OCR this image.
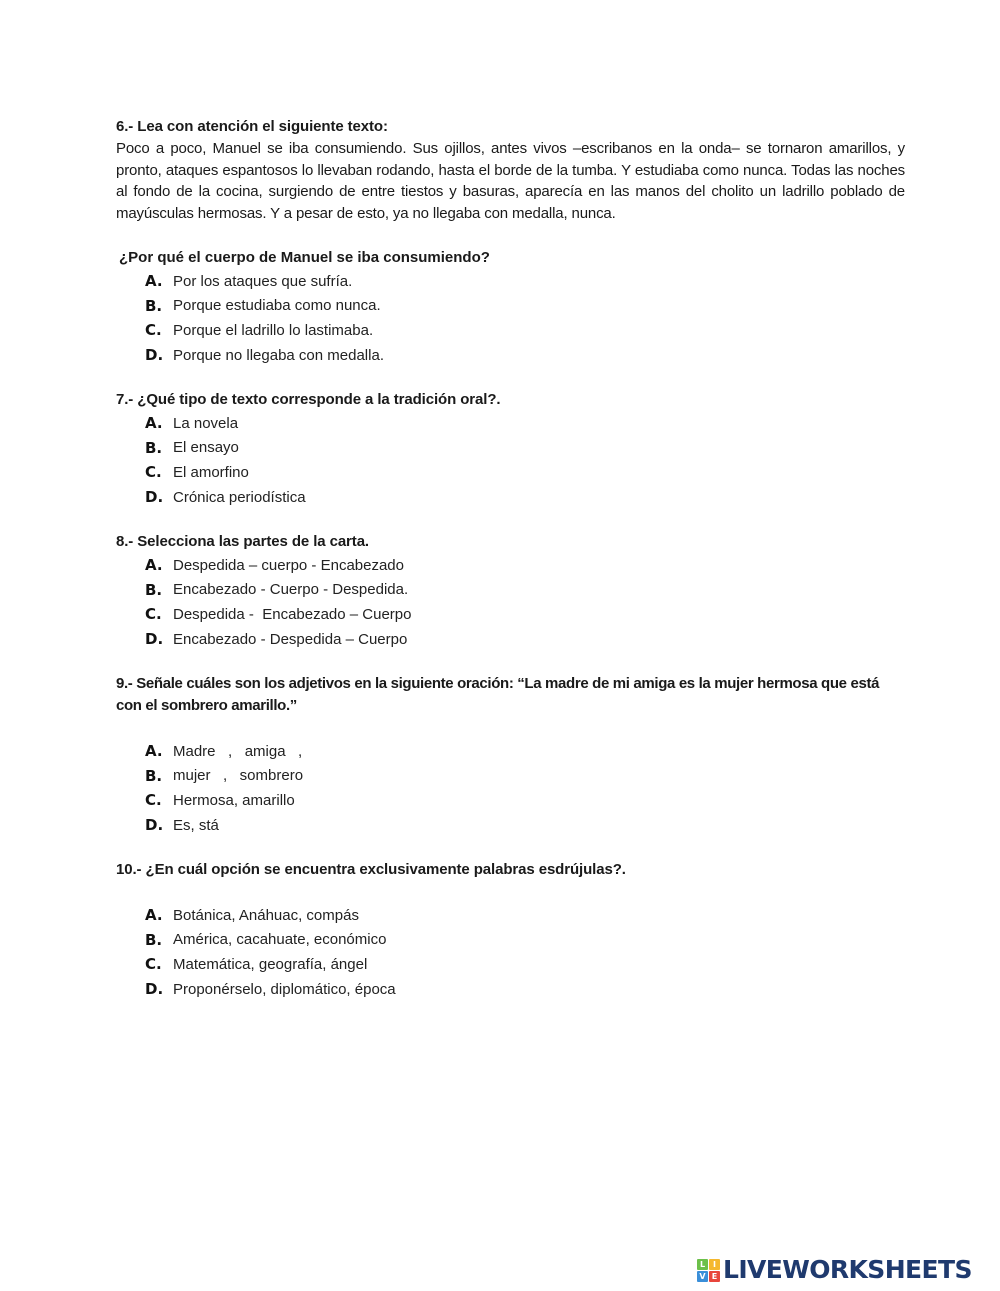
6.- Lea con atención el siguiente texto:
Poco a poco, Manuel se iba consumiendo. Sus ojillos, antes vivos –escribanos en la onda– se tornaron amarillos, y pronto, ataques espantosos lo llevaban rodando, hasta el borde de la tumba. Y estudiaba como nunca. Todas las noches al fondo de la cocina, surgiendo de entre tiestos y basuras, aparecía en las manos del cholito un ladrillo poblado de mayúsculas hermosas. Y a pesar de esto, ya no llegaba con medalla, nunca.
¿Por qué el cuerpo de Manuel se iba consumiendo?
A. Por los ataques que sufría.
B. Porque estudiaba como nunca.
C. Porque el ladrillo lo lastimaba.
D. Porque no llegaba con medalla.
7.- ¿Qué tipo de texto corresponde a la tradición oral?.
A. La novela
B. El ensayo
C. El amorfino
D. Crónica periodística
8.- Selecciona las partes de la carta.
A. Despedida – cuerpo - Encabezado
B. Encabezado - Cuerpo - Despedida.
C. Despedida -  Encabezado – Cuerpo
D. Encabezado - Despedida – Cuerpo
9.- Señale cuáles son los adjetivos en la siguiente oración: “La madre de mi amiga es la mujer hermosa que está con el sombrero amarillo.”
A. Madre   ,   amiga   ,
B. mujer   ,   sombrero
C. Hermosa, amarillo
D. Es, stá
10.- ¿En cuál opción se encuentra exclusivamente palabras esdrújulas?.
A. Botánica, Anáhuac, compás
B. América, cacahuate, económico
C. Matemática, geografía, ángel
D. Proponérselo, diplomático, época
L I
V E LIVEWORKSHEETS
